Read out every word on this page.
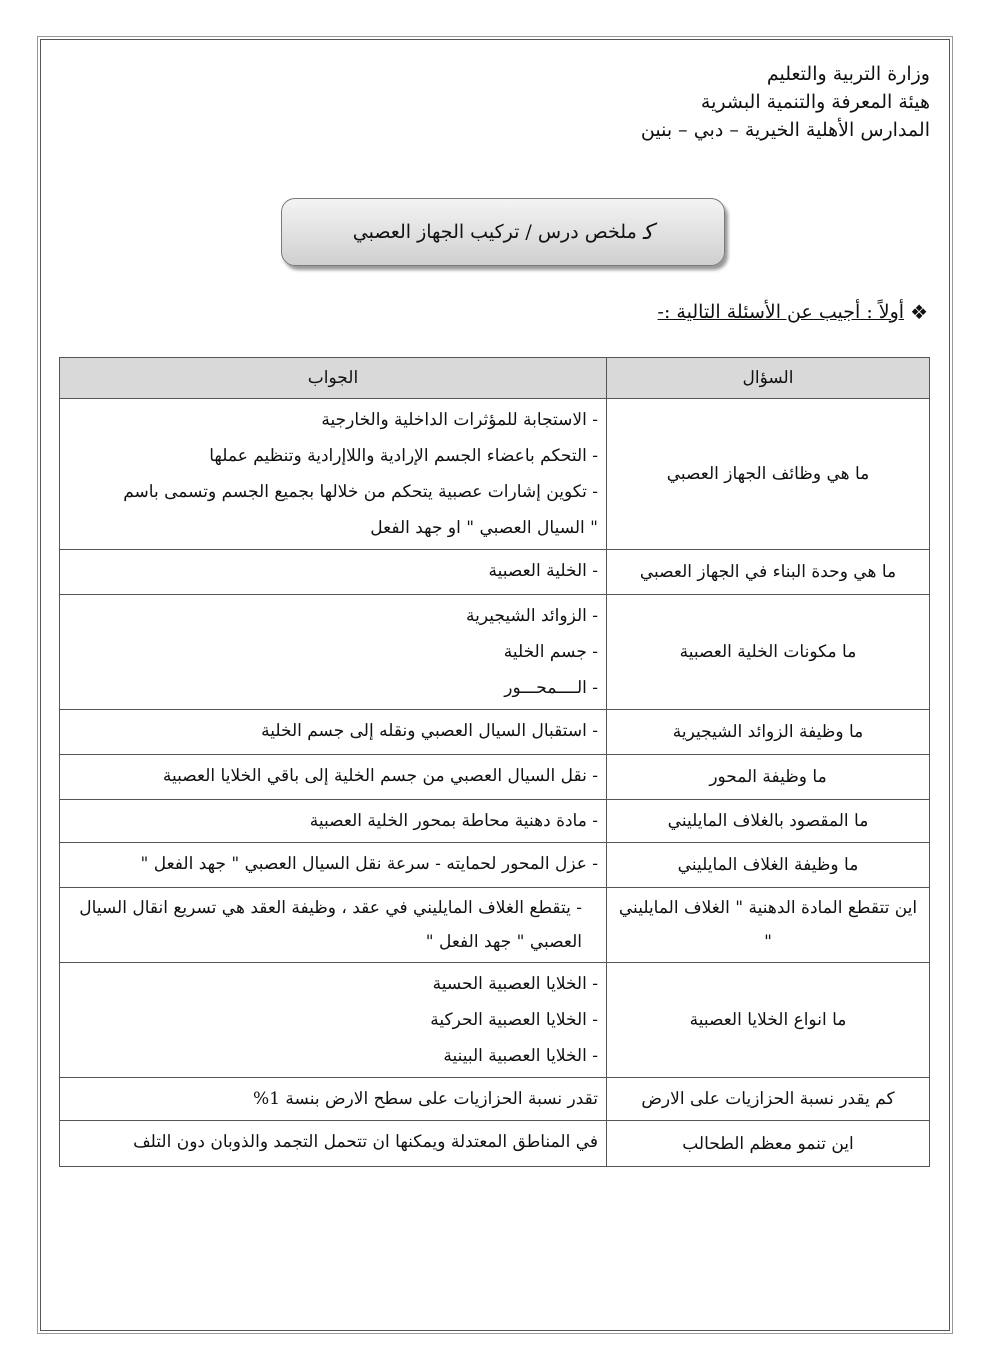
وزارة التربية والتعليم
هيئة المعرفة والتنمية البشرية
المدارس الأهلية الخيرية – دبي – بنين
ﻛ
ملخص درس / تركيب الجهاز العصبي
❖
أولاً : أجيب عن الأسئلة التالية :-
السؤال	الجواب
ما هي وظائف الجهاز العصبي	- الاستجابة للمؤثرات الداخلية والخارجية
- التحكم باعضاء الجسم الإرادية واللاإرادية وتنظيم عملها
- تكوين إشارات عصبية يتحكم من خلالها بجميع الجسم وتسمى باسم
" السيال العصبي " او جهد الفعل

ما هي وحدة البناء في الجهاز العصبي	- الخلية العصبية

ما مكونات الخلية العصبية	- الزوائد الشيجيرية
- جسم الخلية
- الــــمحـــور

ما وظيفة الزوائد الشيجيرية	- استقبال السيال العصبي ونقله إلى جسم الخلية

ما وظيفة المحور	- نقل السيال العصبي من جسم الخلية إلى باقي الخلايا العصبية

ما المقصود بالغلاف المايليني	- مادة دهنية محاطة بمحور الخلية العصبية

ما وظيفة الغلاف المايليني	- عزل المحور لحمايته - سرعة نقل السيال العصبي " جهد الفعل "

اين تتقطع المادة الدهنية " الغلاف المايليني "	- يتقطع الغلاف المايليني في عقد ، وظيفة العقد هي تسريع انقال السيال العصبي " جهد الفعل "

ما انواع الخلايا العصبية	- الخلايا العصبية الحسية
- الخلايا العصبية الحركية
- الخلايا العصبية البينية

كم يقدر نسبة الحزازيات على الارض	تقدر نسبة الحزازيات على سطح الارض بنسة 1%

اين تنمو معظم الطحالب	في المناطق المعتدلة ويمكنها ان تتحمل التجمد والذوبان دون التلف
